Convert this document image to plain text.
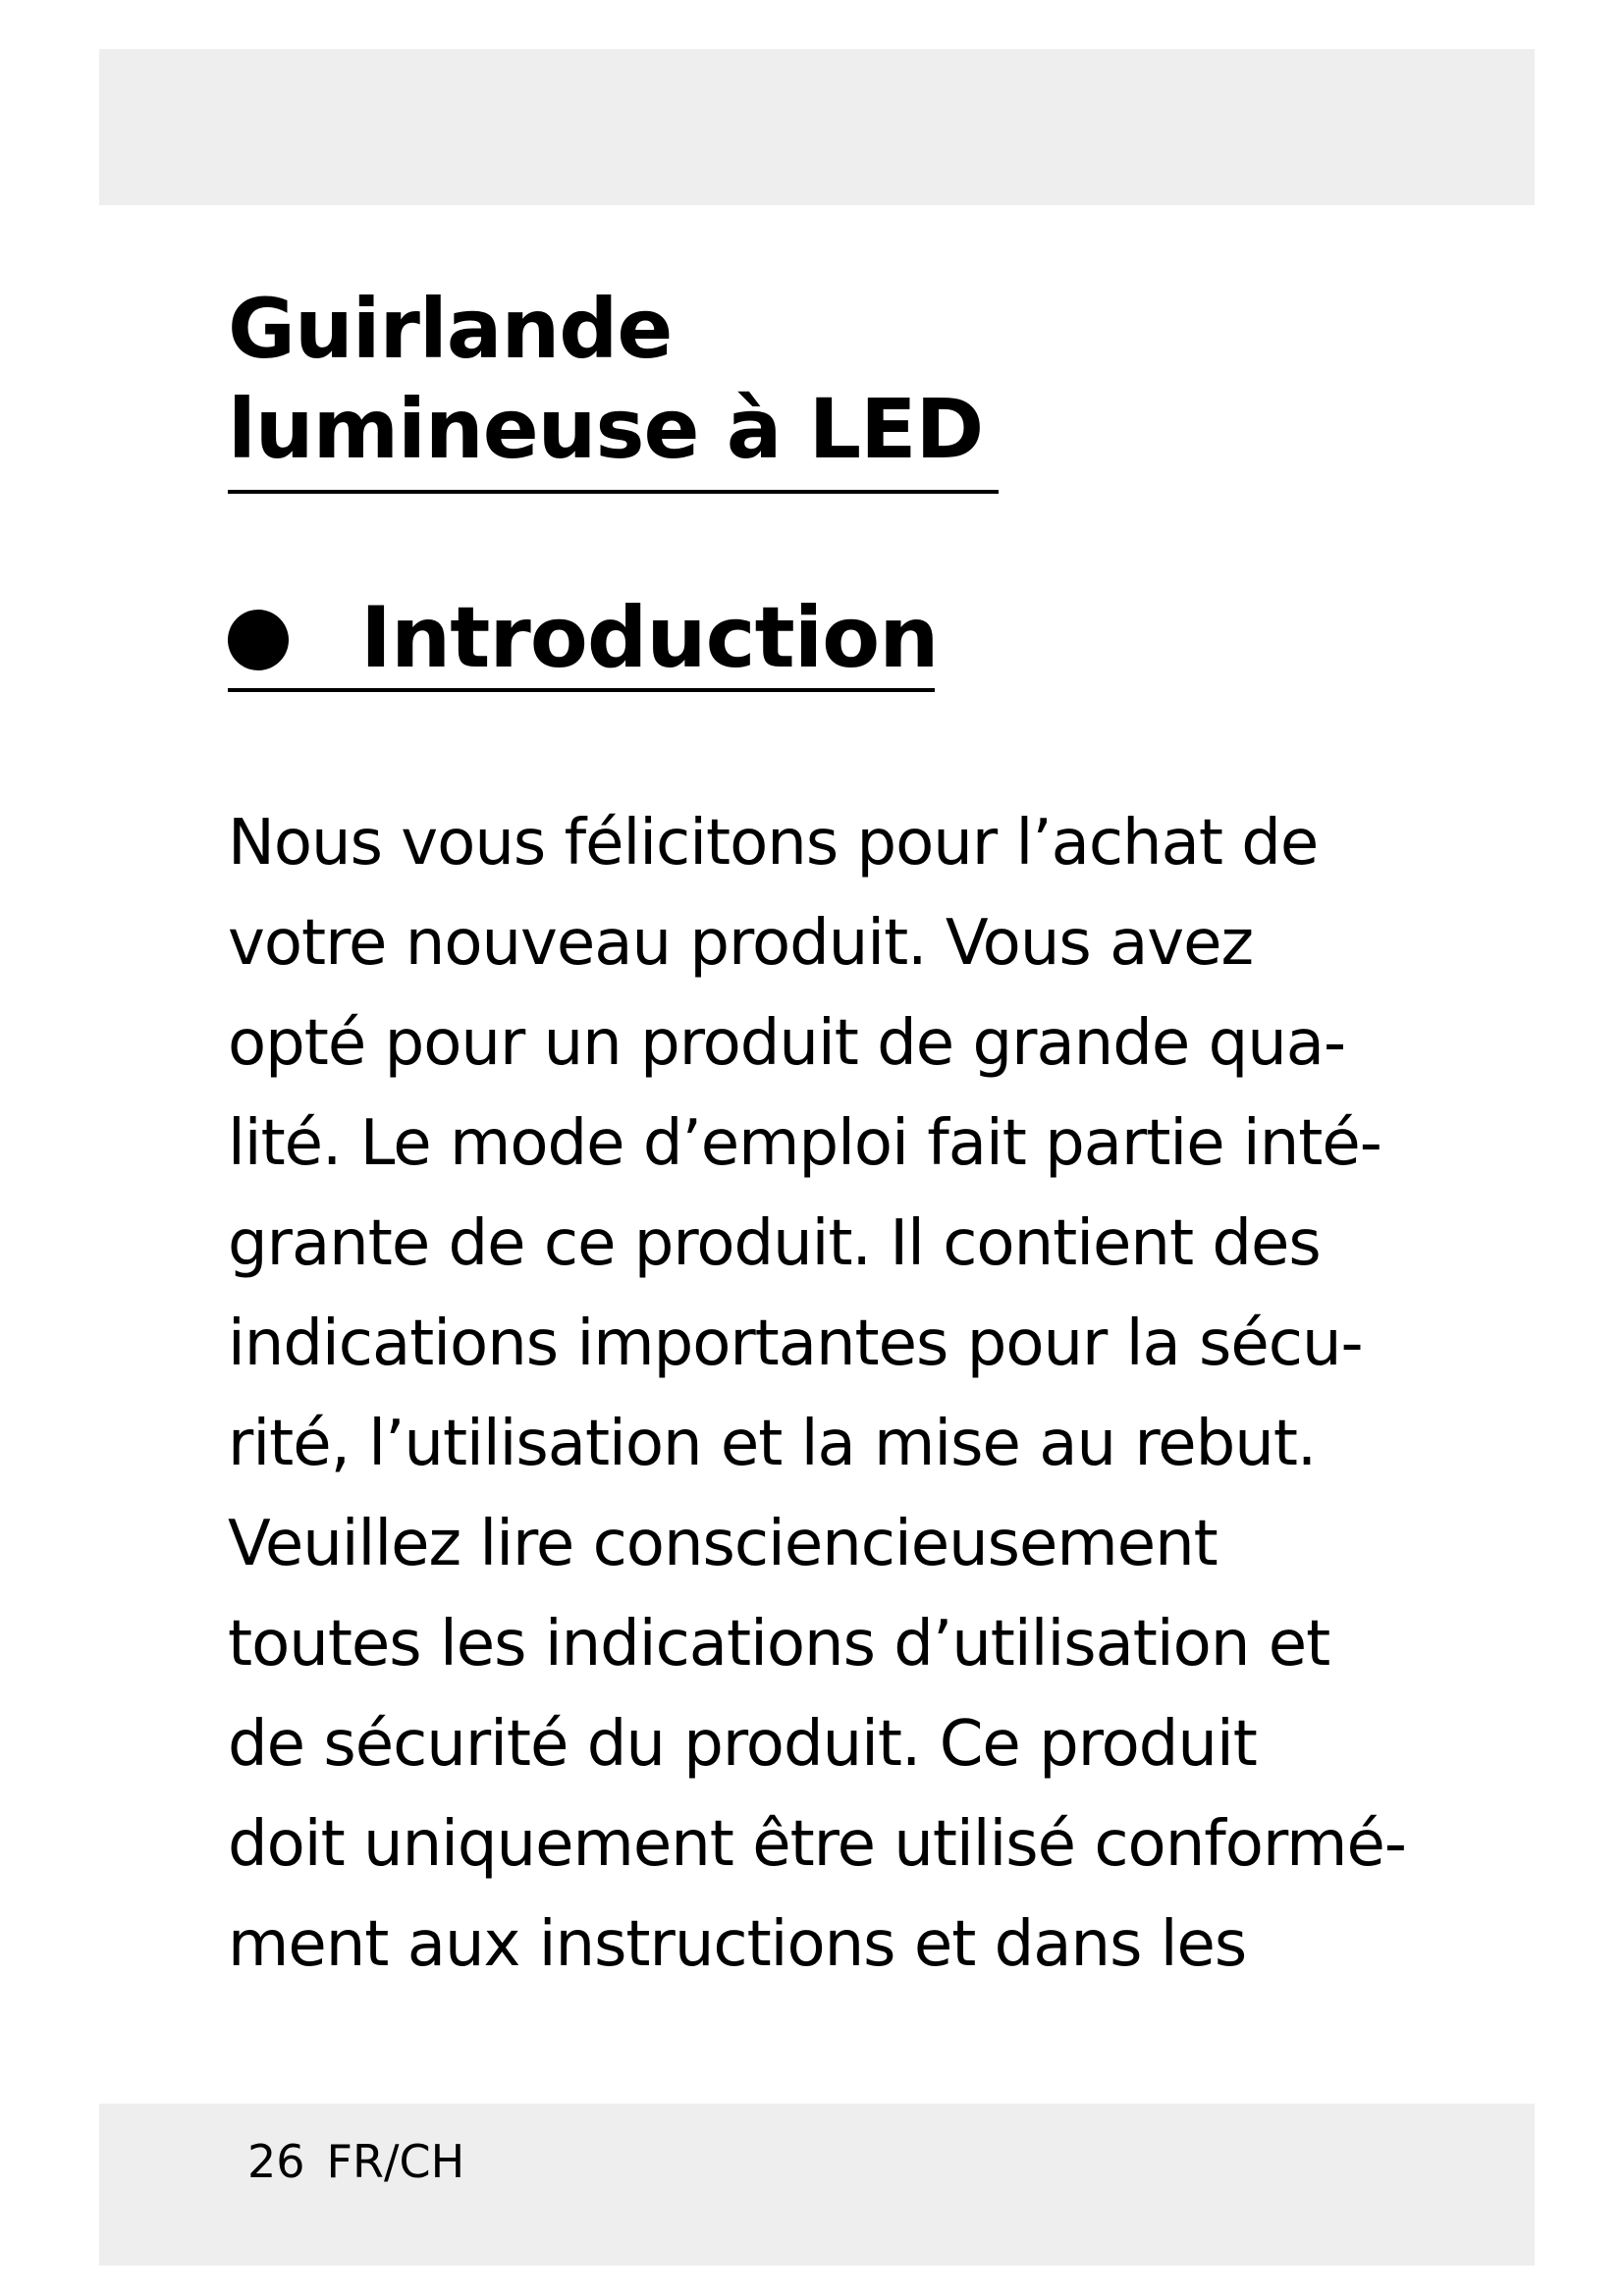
Guirlande
lumineuse à LED
Introduction
Nous vous félicitons pour l’achat de
votre nouveau produit. Vous avez
opté pour un produit de grande qua-
lité. Le mode d’emploi fait partie inté-
grante de ce produit. Il contient des
indications importantes pour la sécu-
rité, l’utilisation et la mise au rebut.
Veuillez lire consciencieusement
toutes les indications d’utilisation et
de sécurité du produit. Ce produit
doit uniquement être utilisé conformé-
ment aux instructions et dans les
26 FR/CH
